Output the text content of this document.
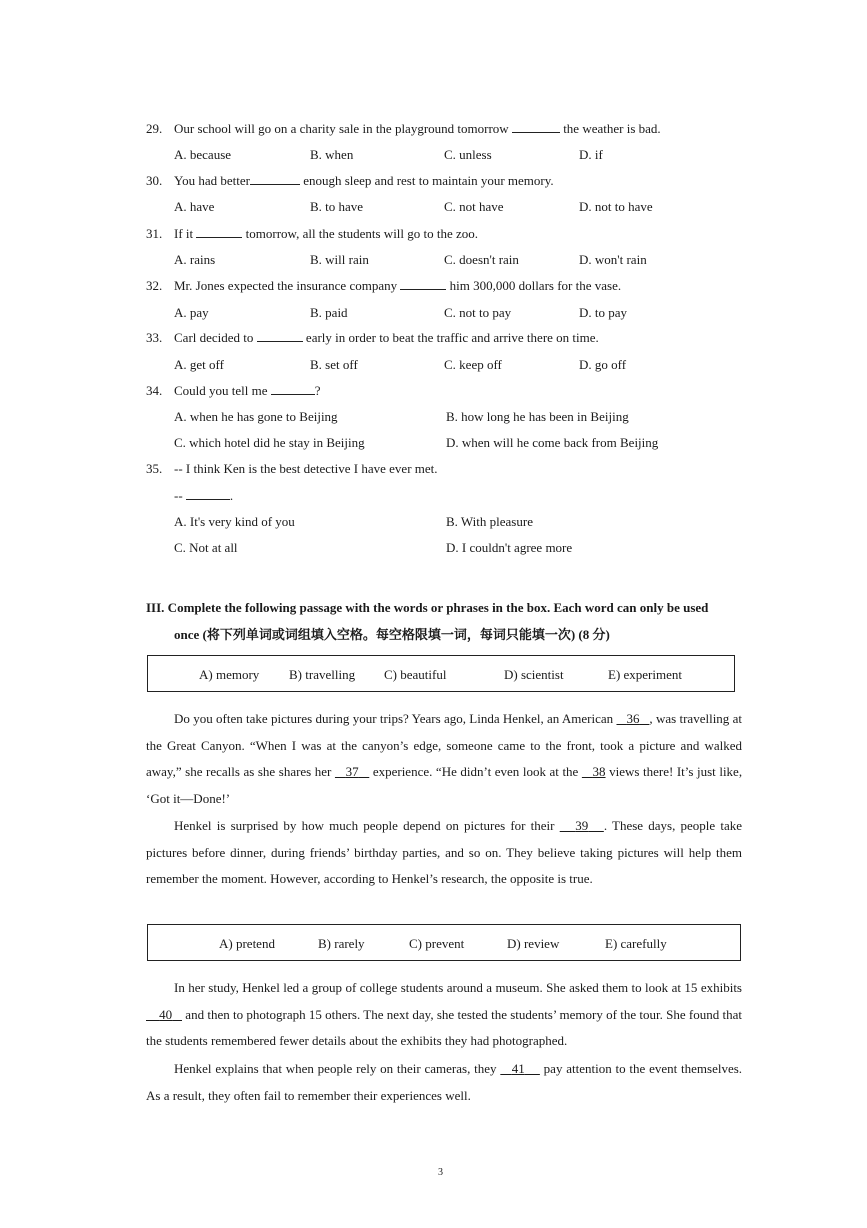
29. Our school will go on a charity sale in the playground tomorrow	the weather is bad.
A. because	B. when	C. unless	D. if
30. You had better	enough sleep and rest to maintain your memory.
A. have	B. to have	C. not have	D. not to have
31. If it	tomorrow, all the students will go to the zoo.
A. rains	B. will rain	C. doesn't rain	D. won't rain
32. Mr. Jones expected the insurance company	him 300,000 dollars for the vase.
A. pay	B. paid	C. not to pay	D. to pay
33. Carl decided to	early in order to beat the traffic and arrive there on time.
A. get off	B. set off	C. keep off	D. go off
34. Could you tell me	?
A. when he has gone to Beijing	B. how long he has been in Beijing
C. which hotel did he stay in Beijing	D. when will he come back from Beijing
35. -- I think Ken is the best detective I have ever met.
--	.
A. It's very kind of you	B. With pleasure
C. Not at all	D. I couldn't agree more
III. Complete the following passage with the words or phrases in the box. Each word can only be used
once (将下列单词或词组填入空格。每空格限填一词，每词只能填一次) (8 分)
A) memory B) travelling C) beautiful	D) scientist	E) experiment
Do you often take pictures during your trips? Years ago, Linda Henkel, an American 36 , was travelling at the Great Canyon. “When I was at the canyon’s edge, someone came to the front, took a picture and walked away,” she recalls as she shares her 37 experience. “He didn’t even look at the 38 views there! It’s just like, ‘Got it—Done!’
Henkel is surprised by how much people depend on pictures for their 39 . These days, people take pictures before dinner, during friends’ birthday parties, and so on. They believe taking pictures will help them remember the moment. However, according to Henkel’s research, the opposite is true.
A) pretend	B) rarely	C) prevent	D) review	E) carefully
In her study, Henkel led a group of college students around a museum. She asked them to look at 15 exhibits     40 and then to photograph 15 others. The next day, she tested the students’ memory of the tour. She found that the students remembered fewer details about the exhibits they had photographed.
Henkel explains that when people rely on their cameras, they 41 pay attention to the event themselves. As a result, they often fail to remember their experiences well.
3
